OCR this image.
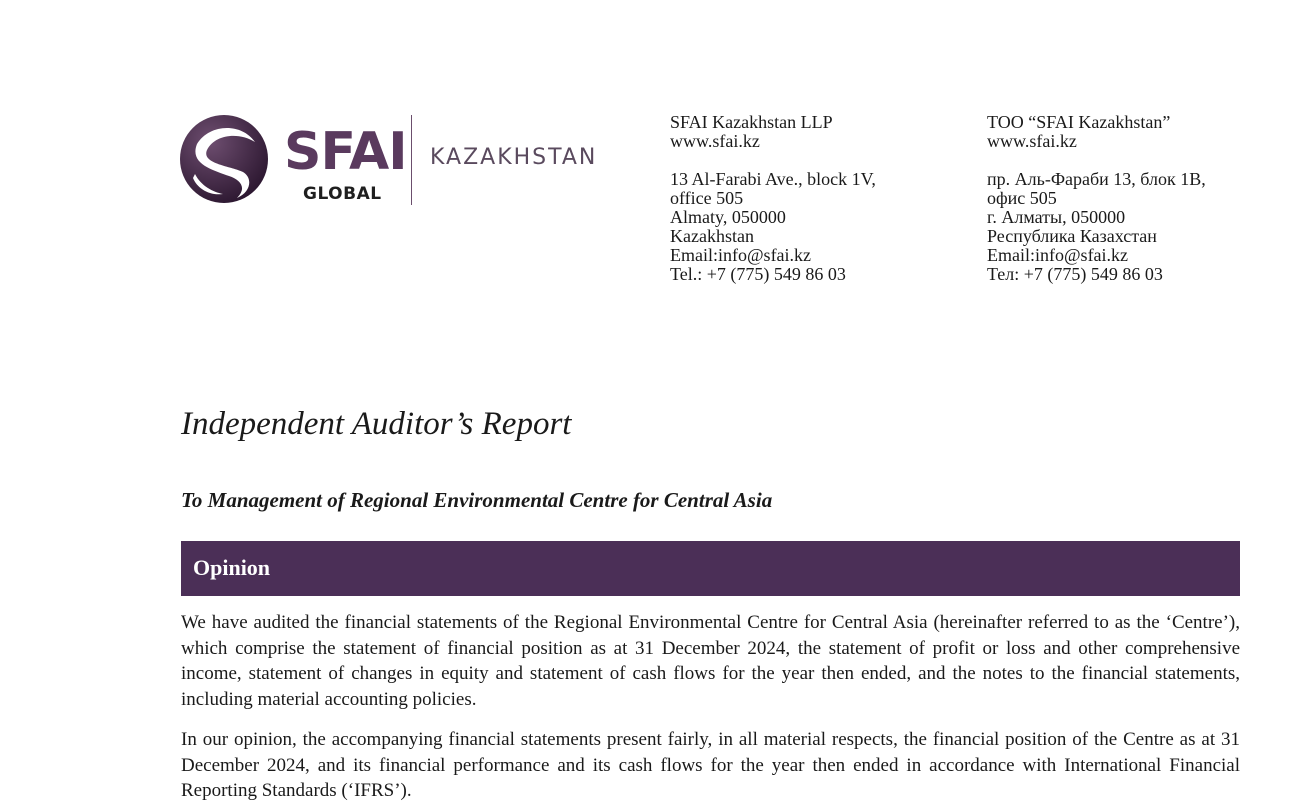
SFAI
GLOBAL
KAZAKHSTAN
SFAI Kazakhstan LLP
www.sfai.kz
13 Al-Farabi Ave., block 1V,
office 505
Almaty, 050000
Kazakhstan
Email:info@sfai.kz
Tel.: +7 (775) 549 86 03
ТОО “SFAI Kazakhstan”
www.sfai.kz
пр. Аль-Фараби 13, блок 1B,
офис 505
г. Алматы, 050000
Республика Казахстан
Email:info@sfai.kz
Тел: +7 (775) 549 86 03
Independent Auditor’s Report
To Management of Regional Environmental Centre for Central Asia
Opinion
We have audited the financial statements of the Regional Environmental Centre for Central Asia (hereinafter referred to as the ‘Centre’), which comprise the statement of financial position as at 31 December 2024, the statement of profit or loss and other comprehensive income, statement of changes in equity and statement of cash flows for the year then ended, and the notes to the financial statements, including material accounting policies.
In our opinion, the accompanying financial statements present fairly, in all material respects, the financial position of the Centre as at 31 December 2024, and its financial performance and its cash flows for the year then ended in accordance with International Financial Reporting Standards (‘IFRS’).
